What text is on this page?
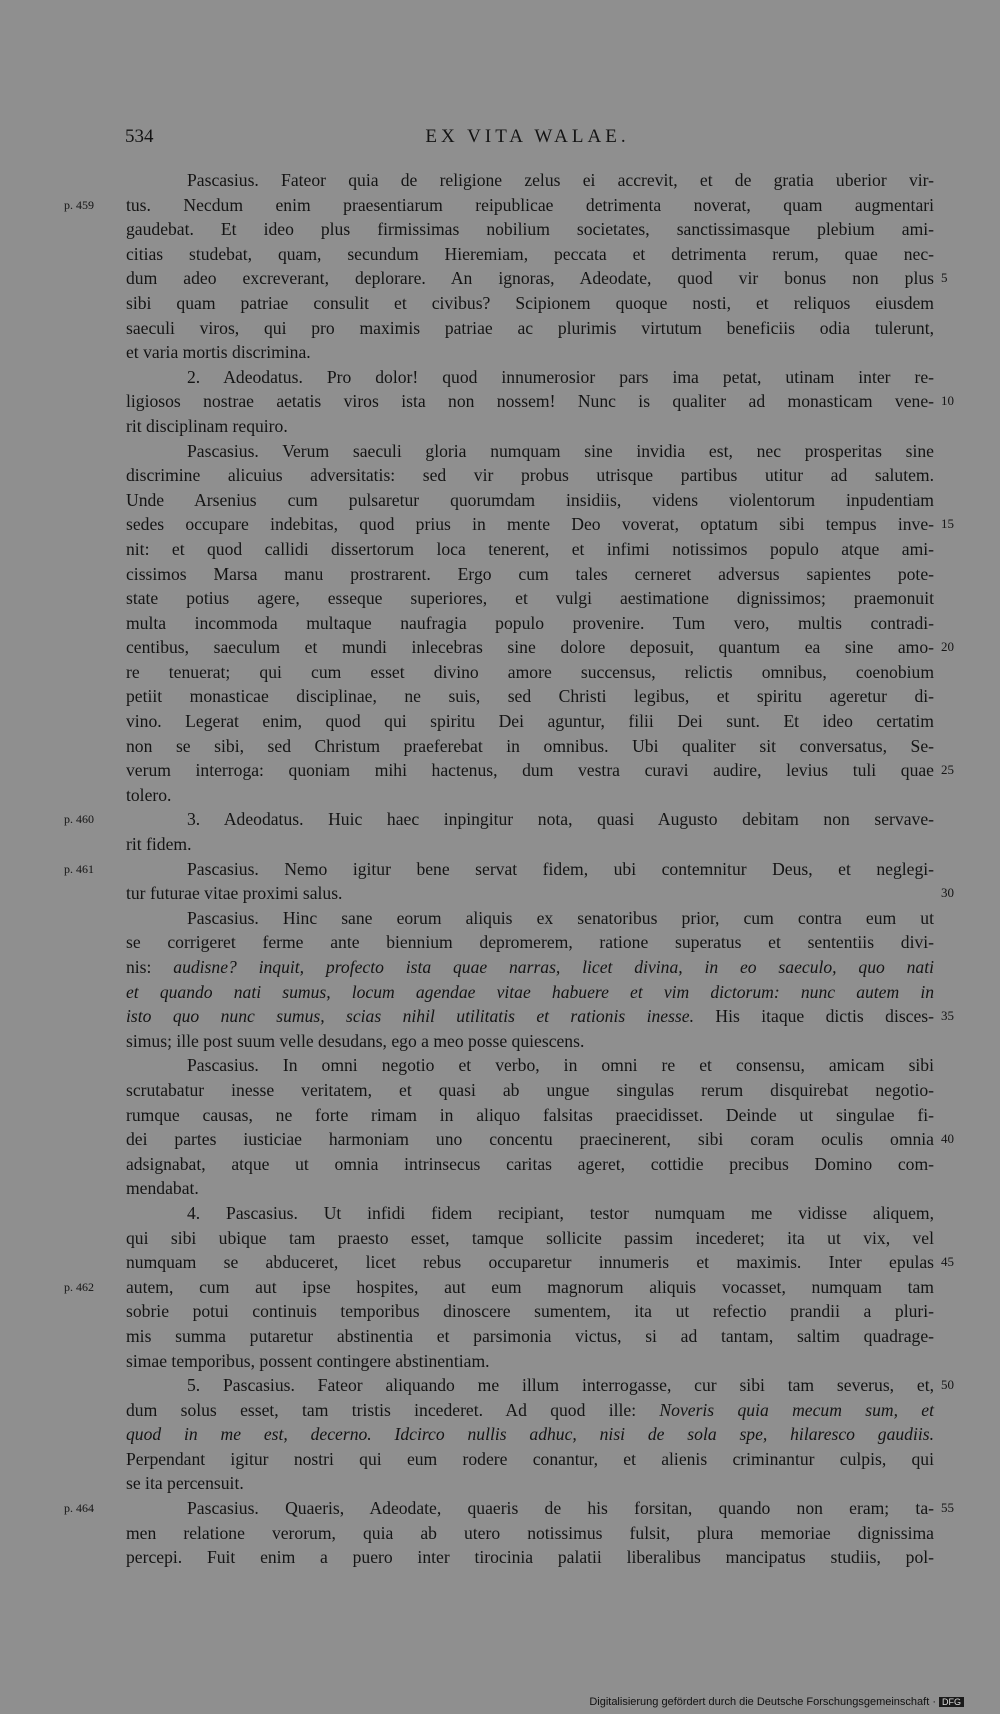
534	EX VITA WALAE.
Pascasius. Fateor quia de religione zelus ei accrevit, et de gratia uberior vir-
p. 459 tus. Necdum enim praesentiarum reipublicae detrimenta noverat, quam augmentari
gaudebat. Et ideo plus firmissimas nobilium societates, sanctissimasque plebium ami-
citias studebat, quam, secundum Hieremiam, peccata et detrimenta rerum, quae nec-
dum adeo excreverant, deplorare. An ignoras, Adeodate, quod vir bonus non plus 5
sibi quam patriae consulit et civibus? Scipionem quoque nosti, et reliquos eiusdem
saeculi viros, qui pro maximis patriae ac plurimis virtutum beneficiis odia tulerunt,
et varia mortis discrimina.
2. Adeodatus. Pro dolor! quod innumerosior pars ima petat, utinam inter re-
ligiosos nostrae aetatis viros ista non nossem! Nunc is qualiter ad monasticam vene- 10
rit disciplinam requiro.
Pascasius. Verum saeculi gloria numquam sine invidia est, nec prosperitas sine
discrimine alicuius adversitatis: sed vir probus utrisque partibus utitur ad salutem.
Unde Arsenius cum pulsaretur quorumdam insidiis, videns violentorum inpudentiam
sedes occupare indebitas, quod prius in mente Deo voverat, optatum sibi tempus inve- 15
nit: et quod callidi dissertorum loca tenerent, et infimi notissimos populo atque ami-
cissimos Marsa manu prostrarent. Ergo cum tales cerneret adversus sapientes pote-
state potius agere, esseque superiores, et vulgi aestimatione dignissimos; praemonuit
multa incommoda multaque naufragia populo provenire. Tum vero, multis contradi-
centibus, saeculum et mundi inlecebras sine dolore deposuit, quantum ea sine amo- 20
re tenuerat; qui cum esset divino amore succensus, relictis omnibus, coenobium
petiit monasticae disciplinae, ne suis, sed Christi legibus, et spiritu ageretur di-
vino. Legerat enim, quod qui spiritu Dei aguntur, filii Dei sunt. Et ideo certatim
non se sibi, sed Christum praeferebat in omnibus. Ubi qualiter sit conversatus, Se-
verum interroga: quoniam mihi hactenus, dum vestra curavi audire, levius tuli quae 25
tolero.
p. 460	3. Adeodatus. Huic haec inpingitur nota, quasi Augusto debitam non servave-
rit fidem.
p. 461	Pascasius. Nemo igitur bene servat fidem, ubi contemnitur Deus, et neglegi-
tur futurae vitae proximi salus.	30
Pascasius. Hinc sane eorum aliquis ex senatoribus prior, cum contra eum ut
se corrigeret ferme ante biennium depromerem, ratione superatus et sententiis divi-
nis: audisne? inquit, profecto ista quae narras, licet divina, in eo saeculo, quo nati
et quando nati sumus, locum agendae vitae habuere et vim dictorum: nunc autem in
isto quo nunc sumus, scias nihil utilitatis et rationis inesse. His itaque dictis disces- 35
simus; ille post suum velle desudans, ego a meo posse quiescens.
Pascasius. In omni negotio et verbo, in omni re et consensu, amicam sibi
scrutabatur inesse veritatem, et quasi ab ungue singulas rerum disquirebat negotio-
rumque causas, ne forte rimam in aliquo falsitas praecidisset. Deinde ut singulae fi-
dei partes iusticiae harmoniam uno concentu praecinerent, sibi coram oculis omnia 40
adsignabat, atque ut omnia intrinsecus caritas ageret, cottidie precibus Domino com-
mendabat.
4. Pascasius. Ut infidi fidem recipiant, testor numquam me vidisse aliquem,
qui sibi ubique tam praesto esset, tamque sollicite passim incederet; ita ut vix, vel
numquam se abduceret, licet rebus occuparetur innumeris et maximis. Inter epulas 45
p. 462 autem, cum aut ipse hospites, aut eum magnorum aliquis vocasset, numquam tam
sobrie potui continuis temporibus dinoscere sumentem, ita ut refectio prandii a pluri-
mis summa putaretur abstinentia et parsimonia victus, si ad tantam, saltim quadrage-
simae temporibus, possent contingere abstinentiam.
5. Pascasius. Fateor aliquando me illum interrogasse, cur sibi tam severus, et, 50
dum solus esset, tam tristis incederet. Ad quod ille: Noveris quia mecum sum, et
quod in me est, decerno. Idcirco nullis adhuc, nisi de sola spe, hilaresco gaudiis.
Perpendant igitur nostri qui eum rodere conantur, et alienis criminantur culpis, qui
se ita percensuit.
p. 464	Pascasius. Quaeris, Adeodate, quaeris de his forsitan, quando non eram; ta- 55
men relatione verorum, quia ab utero notissimus fulsit, plura memoriae dignissima
percepi. Fuit enim a puero inter tirocinia palatii liberalibus mancipatus studiis, pol-
Digitalisierung gefördert durch die Deutsche Forschungsgemeinschaft · DFG
